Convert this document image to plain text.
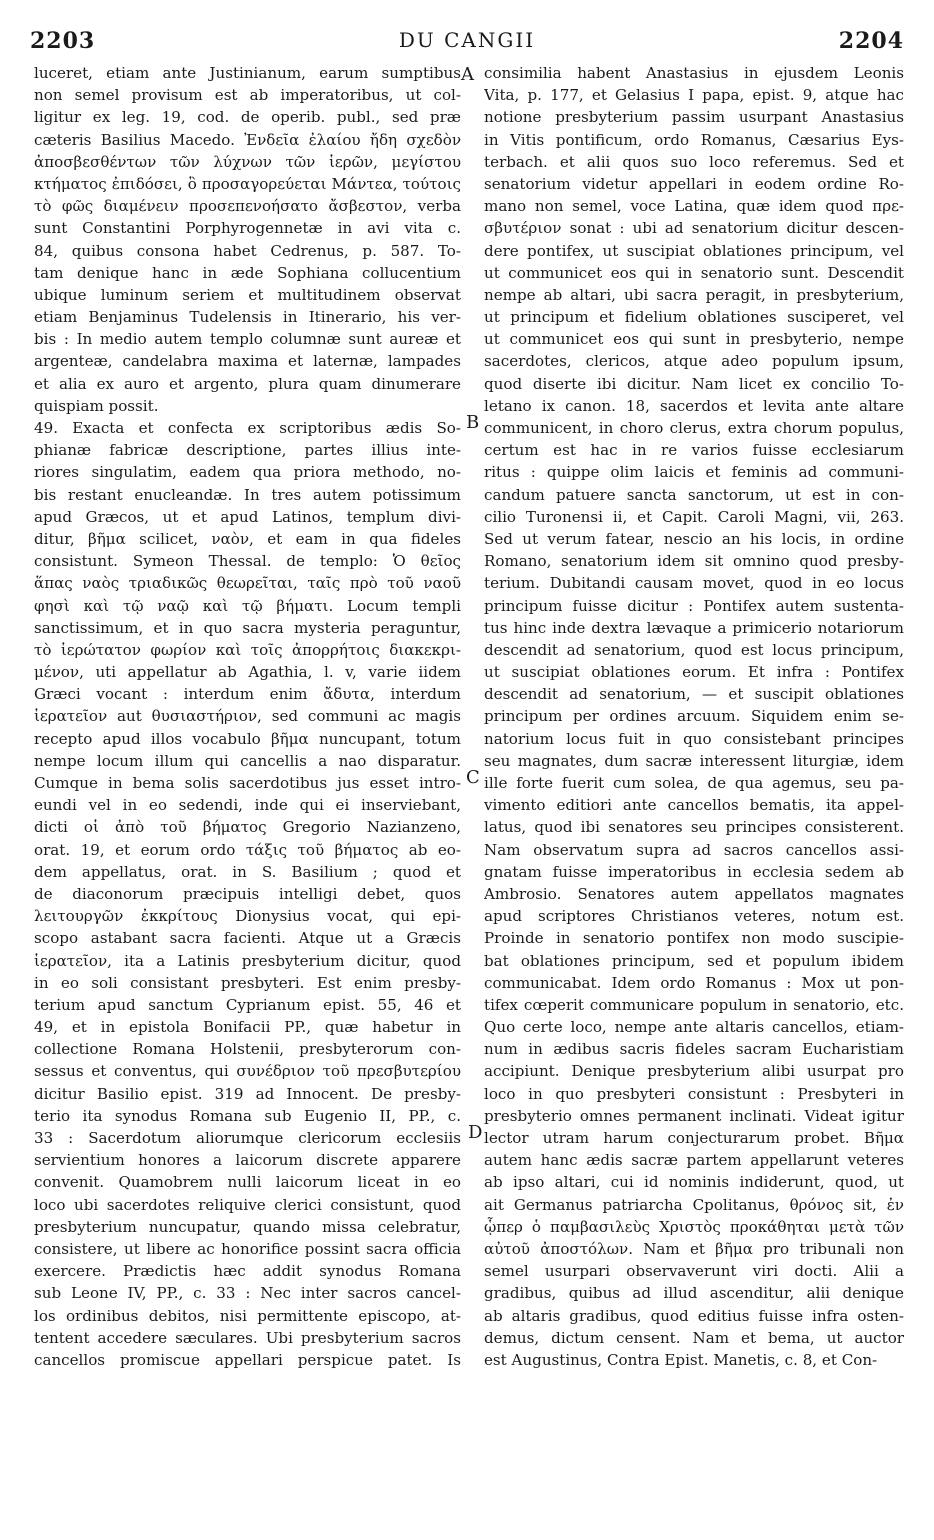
2203	DU CANGII	2204
luceret, etiam ante Justinianum, earum sumptibus
non semel provisum est ab imperatoribus, ut col-
ligitur ex leg. 19, cod. de operib. publ., sed præ
cæteris Basilius Macedo. Ἐνδεῖα ἐλαίου ἤδη σχεδὸν
ἀποσβεσθέντων τῶν λύχνων τῶν ἱερῶν, μεγίστου
κτήματος ἐπιδόσει, ὃ προσαγορεύεται Μάντεα, τούτοις
τὸ φῶς διαμένειν προσεπενοήσατο ἄσβεστον, verba
sunt Constantini Porphyrogennetæ in avi vita c.
84, quibus consona habet Cedrenus, p. 587. To-
tam denique hanc in æde Sophiana collucentium
ubique luminum seriem et multitudinem observat
etiam Benjaminus Tudelensis in Itinerario, his ver-
bis : In medio autem templo columnæ sunt aureæ et
argenteæ, candelabra maxima et laternæ, lampades
et alia ex auro et argento, plura quam dinumerare
quispiam possit.
49. Exacta et confecta ex scriptoribus ædis So-
phianæ fabricæ descriptione, partes illius inte-
riores singulatim, eadem qua priora methodo, no-
bis restant enucleandæ. In tres autem potissimum
apud Græcos, ut et apud Latinos, templum divi-
ditur, βῆμα scilicet, ναὸν, et eam in qua fideles
consistunt. Symeon Thessal. de templo: Ὁ θεῖος
ἅπας ναὸς τριαδικῶς θεωρεῖται, ταῖς πρὸ τοῦ ναοῦ
φησὶ καὶ τῷ ναῷ καὶ τῷ βήματι. Locum templi
sanctissimum, et in quo sacra mysteria peraguntur,
τὸ ἱερώτατον φωρίον καὶ τοῖς ἀπορρήτοις διακεκρι-
μένον, uti appellatur ab Agathia, l. v, varie iidem
Græci vocant : interdum enim ἄδυτα, interdum
ἱερατεῖον aut θυσιαστήριον, sed communi ac magis
recepto apud illos vocabulo βῆμα nuncupant, totum
nempe locum illum qui cancellis a nao disparatur.
Cumque in bema solis sacerdotibus jus esset intro-
eundi vel in eo sedendi, inde qui ei inserviebant,
dicti οἱ ἀπὸ τοῦ βήματος Gregorio Nazianzeno,
orat. 19, et eorum ordo τάξις τοῦ βήματος ab eo-
dem appellatus, orat. in S. Basilium ; quod et
de diaconorum præcipuis intelligi debet, quos
λειτουργῶν ἐκκρίτους Dionysius vocat, qui epi-
scopo astabant sacra facienti. Atque ut a Græcis
ἱερατεῖον, ita a Latinis presbyterium dicitur, quod
in eo soli consistant presbyteri. Est enim presby-
terium apud sanctum Cyprianum epist. 55, 46 et
49, et in epistola Bonifacii PP., quæ habetur in
collectione Romana Holstenii, presbyterorum con-
sessus et conventus, qui συνέδριον τοῦ πρεσβυτερίου
dicitur Basilio epist. 319 ad Innocent. De presby-
terio ita synodus Romana sub Eugenio II, PP., c.
33 : Sacerdotum aliorumque clericorum ecclesiis
servientium honores a laicorum discrete apparere
convenit. Quamobrem nulli laicorum liceat in eo
loco ubi sacerdotes reliquive clerici consistunt, quod
presbyterium nuncupatur, quando missa celebratur,
consistere, ut libere ac honorifice possint sacra officia
exercere. Prædictis hæc addit synodus Romana
sub Leone IV, PP., c. 33 : Nec inter sacros cancel-
los ordinibus debitos, nisi permittente episcopo, at-
tentent accedere sæculares. Ubi presbyterium sacros
cancellos promiscue appellari perspicue patet. Is
consimilia habent Anastasius in ejusdem Leonis
Vita, p. 177, et Gelasius I papa, epist. 9, atque hac
notione presbyterium passim usurpant Anastasius
in Vitis pontificum, ordo Romanus, Cæsarius Eys-
terbach. et alii quos suo loco referemus. Sed et
senatorium videtur appellari in eodem ordine Ro-
mano non semel, voce Latina, quæ idem quod πρε-
σβυτέριον sonat : ubi ad senatorium dicitur descen-
dere pontifex, ut suscipiat oblationes principum, vel
ut communicet eos qui in senatorio sunt. Descendit
nempe ab altari, ubi sacra peragit, in presbyterium,
ut principum et fidelium oblationes susciperet, vel
ut communicet eos qui sunt in presbyterio, nempe
sacerdotes, clericos, atque adeo populum ipsum,
quod diserte ibi dicitur. Nam licet ex concilio To-
letano ix canon. 18, sacerdos et levita ante altare
communicent, in choro clerus, extra chorum populus,
certum est hac in re varios fuisse ecclesiarum
ritus : quippe olim laicis et feminis ad communi-
candum patuere sancta sanctorum, ut est in con-
cilio Turonensi ii, et Capit. Caroli Magni, vii, 263.
Sed ut verum fatear, nescio an his locis, in ordine
Romano, senatorium idem sit omnino quod presby-
terium. Dubitandi causam movet, quod in eo locus
principum fuisse dicitur : Pontifex autem sustenta-
tus hinc inde dextra lævaque a primicerio notariorum
descendit ad senatorium, quod est locus principum,
ut suscipiat oblationes eorum. Et infra : Pontifex
descendit ad senatorium, — et suscipit oblationes
principum per ordines arcuum. Siquidem enim se-
natorium locus fuit in quo consistebant principes
seu magnates, dum sacræ interessent liturgiæ, idem
ille forte fuerit cum solea, de qua agemus, seu pa-
vimento editiori ante cancellos bematis, ita appel-
latus, quod ibi senatores seu principes consisterent.
Nam observatum supra ad sacros cancellos assi-
gnatam fuisse imperatoribus in ecclesia sedem ab
Ambrosio. Senatores autem appellatos magnates
apud scriptores Christianos veteres, notum est.
Proinde in senatorio pontifex non modo suscipie-
bat oblationes principum, sed et populum ibidem
communicabat. Idem ordo Romanus : Mox ut pon-
tifex cœperit communicare populum in senatorio, etc.
Quo certe loco, nempe ante altaris cancellos, etiam-
num in ædibus sacris fideles sacram Eucharistiam
accipiunt. Denique presbyterium alibi usurpat pro
loco in quo presbyteri consistunt : Presbyteri in
presbyterio omnes permanent inclinati. Videat igitur
lector utram harum conjecturarum probet. Βῆμα
autem hanc ædis sacræ partem appellarunt veteres
ab ipso altari, cui id nominis indiderunt, quod, ut
ait Germanus patriarcha Cpolitanus, θρόνος sit, ἐν
ᾧπερ ὁ παμβασιλεὺς Χριστὸς προκάθηται μετὰ τῶν
αὐτοῦ ἀποστόλων. Nam et βῆμα pro tribunali non
semel usurpari observaverunt viri docti. Alii a
gradibus, quibus ad illud ascenditur, alii denique
ab altaris gradibus, quod editius fuisse infra osten-
demus, dictum censent. Nam et bema, ut auctor
est Augustinus, Contra Epist. Manetis, c. 8, et Con-
A
B
C
D
